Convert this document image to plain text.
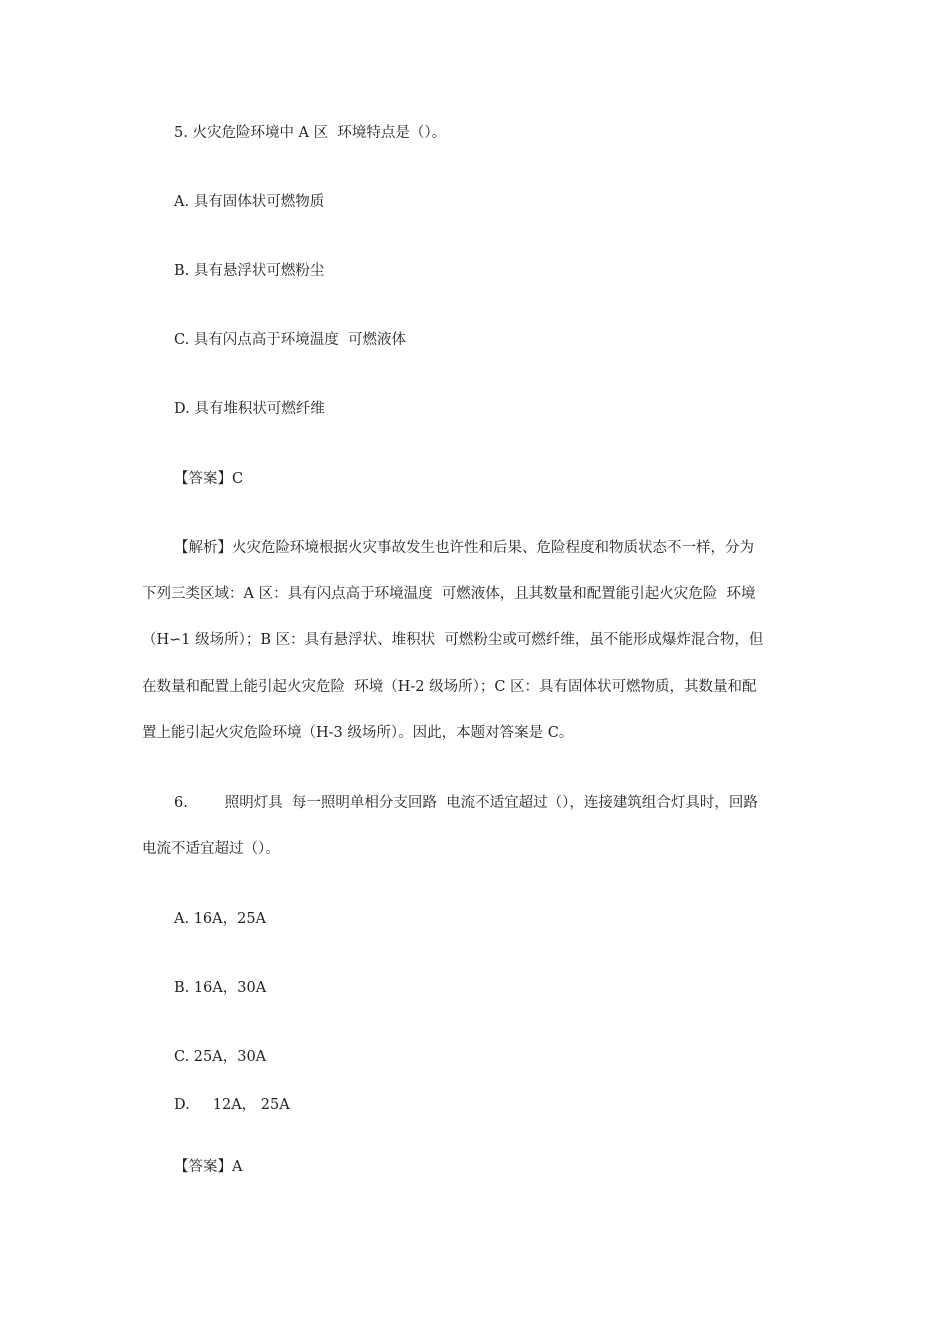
5. 火灾危险环境中 A 区  环境特点是（）。
A. 具有固体状可燃物质
B. 具有悬浮状可燃粉尘
C. 具有闪点高于环境温度  可燃液体
D. 具有堆积状可燃纤维
【答案】C
【解析】火灾危险环境根据火灾事故发生也许性和后果、危险程度和物质状态不一样，分为
下列三类区域：A 区：具有闪点高于环境温度  可燃液体，且其数量和配置能引起火灾危险  环境
（H∽1 级场所）；B 区：具有悬浮状、堆积状  可燃粉尘或可燃纤维，虽不能形成爆炸混合物，但
在数量和配置上能引起火灾危险  环境（H-2 级场所）；C 区：具有固体状可燃物质，其数量和配
置上能引起火灾危险环境（H-3 级场所）。因此，本题对答案是 C。
6.        照明灯具  每一照明单相分支回路  电流不适宜超过（），连接建筑组合灯具时，回路
电流不适宜超过（）。
A. 16A，25A
B. 16A，30A
C. 25A，30A
D.     12A， 25A
【答案】A
